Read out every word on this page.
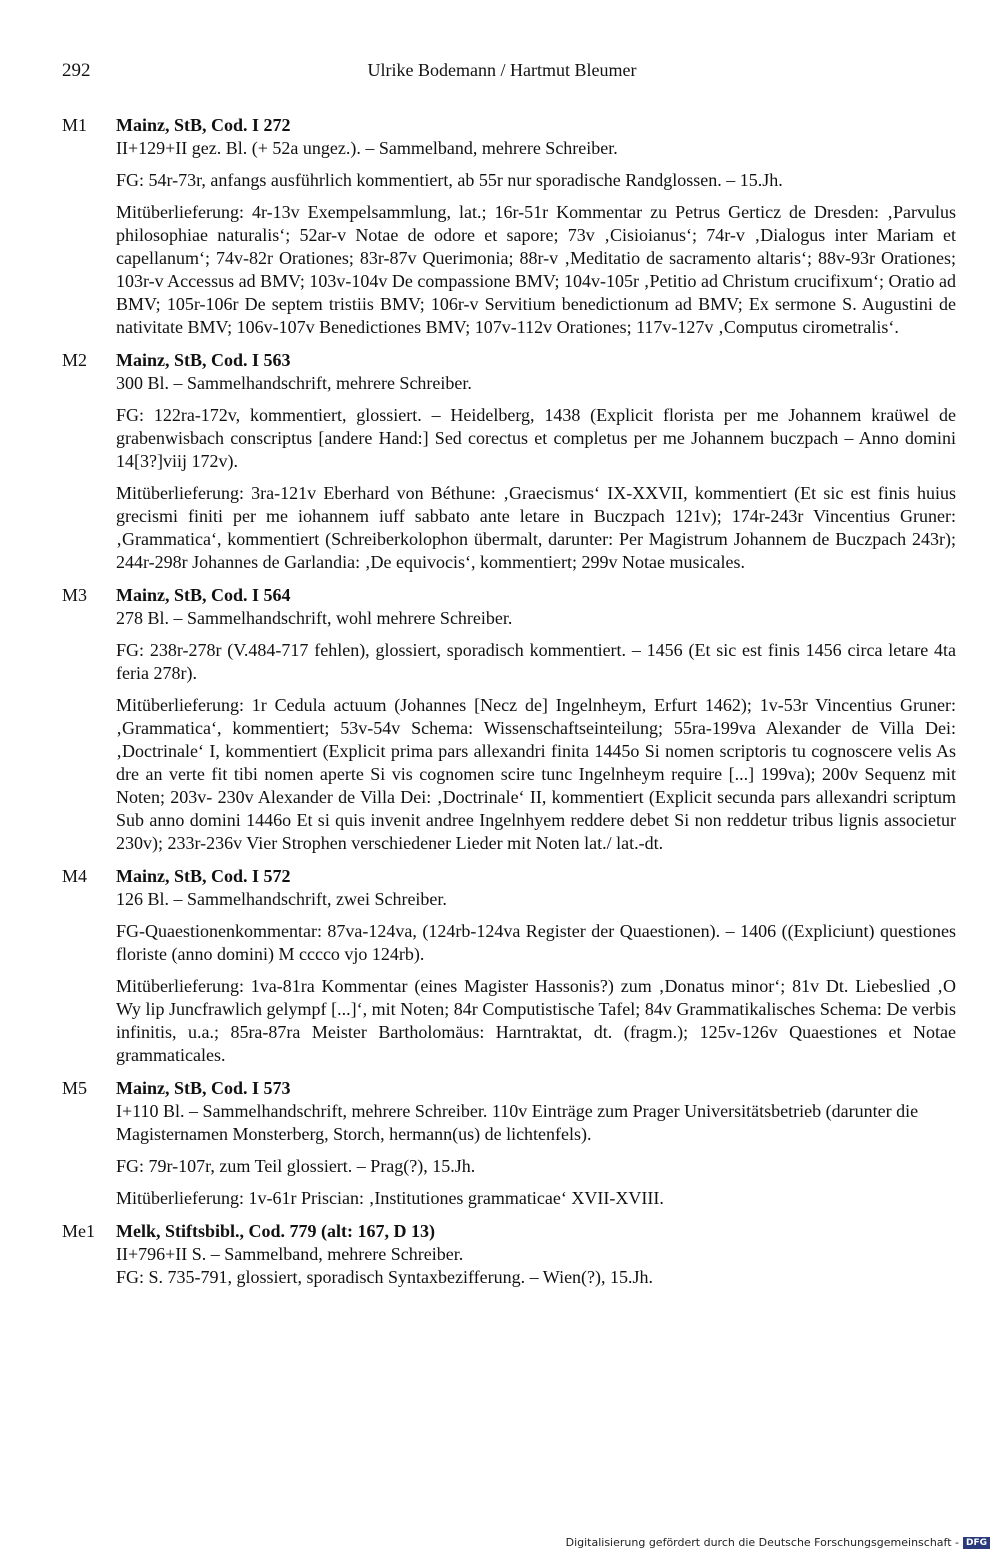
292	Ulrike Bodemann / Hartmut Bleumer
M1	Mainz, StB, Cod. I 272

II+129+II gez. Bl. (+ 52a ungez.). – Sammelband, mehrere Schreiber.

FG: 54r-73r, anfangs ausführlich kommentiert, ab 55r nur sporadische Randglossen. – 15.Jh.

Mitüberlieferung: 4r-13v Exempelsammlung, lat.; 16r-51r Kommentar zu Petrus Gerticz de Dresden: ‚Parvulus philosophiae naturalis‘; 52ar-v Notae de odore et sapore; 73v ‚Cisioianus‘; 74r-v ‚Dialogus inter Mariam et capellanum‘; 74v-82r Orationes; 83r-87v Querimonia; 88r-v ‚Meditatio de sacramento altaris‘; 88v-93r Orationes; 103r-v Accessus ad BMV; 103v-104v De compassione BMV; 104v-105r ‚Petitio ad Christum crucifixum‘; Oratio ad BMV; 105r-106r De septem tristiis BMV; 106r-v Servitium benedictionum ad BMV; Ex sermone S. Augustini de nativitate BMV; 106v-107v Benedictiones BMV; 107v-112v Orationes; 117v-127v ‚Computus cirometralis‘.

M2	Mainz, StB, Cod. I 563

300 Bl. – Sammelhandschrift, mehrere Schreiber.

FG: 122ra-172v, kommentiert, glossiert. – Heidelberg, 1438 (Explicit florista per me Johannem kraüwel de grabenwisbach conscriptus [andere Hand:] Sed corectus et completus per me Johannem buczpach – Anno domini 14[3?]viij 172v).

Mitüberlieferung: 3ra-121v Eberhard von Béthune: ‚Graecismus‘ IX-XXVII, kommentiert (Et sic est finis huius grecismi finiti per me iohannem iuff sabbato ante letare in Buczpach 121v); 174r-243r Vincentius Gruner: ‚Grammatica‘, kommentiert (Schreiberkolophon übermalt, darunter: Per Magistrum Johannem de Buczpach 243r); 244r-298r Johannes de Garlandia: ‚De equivocis‘, kommentiert; 299v Notae musicales.

M3	Mainz, StB, Cod. I 564

278 Bl. – Sammelhandschrift, wohl mehrere Schreiber.

FG: 238r-278r (V.484-717 fehlen), glossiert, sporadisch kommentiert. – 1456 (Et sic est finis 1456 circa letare 4ta feria 278r).

Mitüberlieferung: 1r Cedula actuum (Johannes [Necz de] Ingelnheym, Erfurt 1462); 1v-53r Vincentius Gruner: ‚Grammatica‘, kommentiert; 53v-54v Schema: Wissenschaftseinteilung; 55ra-199va Alexander de Villa Dei: ‚Doctrinale‘ I, kommentiert (Explicit prima pars allexandri finita 1445o Si nomen scriptoris tu cognoscere velis As dre an verte fit tibi nomen aperte Si vis cognomen scire tunc Ingelnheym require [...] 199va); 200v Sequenz mit Noten; 203v- 230v Alexander de Villa Dei: ‚Doctrinale‘ II, kommentiert (Explicit secunda pars allexandri scriptum Sub anno domini 1446o Et si quis invenit andree Ingelnhyem reddere debet Si non reddetur tribus lignis associetur 230v); 233r-236v Vier Strophen verschiedener Lieder mit Noten lat./ lat.-dt.

M4	Mainz, StB, Cod. I 572

126 Bl. – Sammelhandschrift, zwei Schreiber.

FG-Quaestionenkommentar: 87va-124va, (124rb-124va Register der Quaestionen). – 1406 ((Expliciunt) questiones floriste (anno domini) M cccco vjo 124rb).

Mitüberlieferung: 1va-81ra Kommentar (eines Magister Hassonis?) zum ‚Donatus minor‘; 81v Dt. Liebeslied ‚O Wy lip Juncfrawlich gelympf [...]‘, mit Noten; 84r Computistische Tafel; 84v Grammatikalisches Schema: De verbis infinitis, u.a.; 85ra-87ra Meister Bartholomäus: Harntraktat, dt. (fragm.); 125v-126v Quaestiones et Notae grammaticales.

M5	Mainz, StB, Cod. I 573

I+110 Bl. – Sammelhandschrift, mehrere Schreiber. 110v Einträge zum Prager Universitätsbetrieb (darunter die Magisternamen Monsterberg, Storch, hermann(us) de lichtenfels).

FG: 79r-107r, zum Teil glossiert. – Prag(?), 15.Jh.

Mitüberlieferung: 1v-61r Priscian: ‚Institutiones grammaticae‘ XVII-XVIII.

Me1	Melk, Stiftsbibl., Cod. 779 (alt: 167, D 13)

II+796+II S. – Sammelband, mehrere Schreiber.

FG: S. 735-791, glossiert, sporadisch Syntaxbezifferung. – Wien(?), 15.Jh.

Digitalisierung gefördert durch die Deutsche Forschungsgemeinschaft - DFG
